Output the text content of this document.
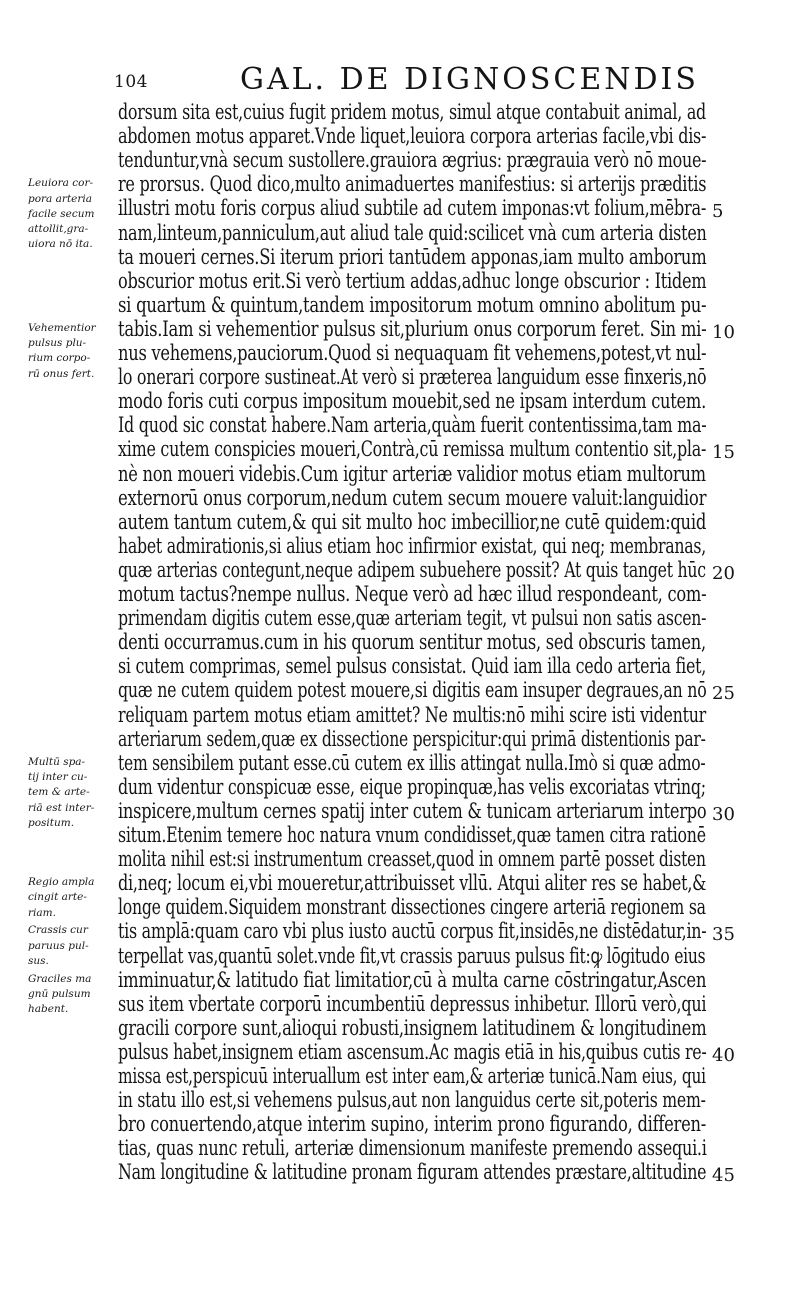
104	GAL. DE DIGNOSCENDIS
dorsum sita est,cuius fugit pridem motus, simul atque contabuit animal, ad
abdomen motus apparet.Vnde liquet,leuiora corpora arterias facile,vbi dis-
tenduntur,vnà secum sustollere.grauiora ægrius: prægrauia verò nō moue-
re prorsus. Quod dico,multo animaduertes manifestius: si arterijs præditis
illustri motu foris corpus aliud subtile ad cutem imponas:vt folium,mēbra-
nam,linteum,panniculum,aut aliud tale quid:scilicet vnà cum arteria disten
ta moueri cernes.Si iterum priori tantūdem apponas,iam multo amborum
obscurior motus erit.Si verò tertium addas,adhuc longe obscurior : Itidem
si quartum & quintum,tandem impositorum motum omnino abolitum pu-
tabis.Iam si vehementior pulsus sit,plurium onus corporum feret. Sin mi-
nus vehemens,pauciorum.Quod si nequaquam fit vehemens,potest,vt nul-
lo onerari corpore sustineat.At verò si præterea languidum esse finxeris,nō
modo foris cuti corpus impositum mouebit,sed ne ipsam interdum cutem.
Id quod sic constat habere.Nam arteria,quàm fuerit contentissima,tam ma-
xime cutem conspicies moueri,Contrà,cū remissa multum contentio sit,pla-
nè non moueri videbis.Cum igitur arteriæ validior motus etiam multorum
externorū onus corporum,nedum cutem secum mouere valuit:languidior
autem tantum cutem,& qui sit multo hoc imbecillior,ne cutē quidem:quid
habet admirationis,si alius etiam hoc infirmior existat, qui neq; membranas,
quæ arterias contegunt,neque adipem subuehere possit? At quis tanget hūc
motum tactus?nempe nullus. Neque verò ad hæc illud respondeant, com-
primendam digitis cutem esse,quæ arteriam tegit, vt pulsui non satis ascen-
denti occurramus.cum in his quorum sentitur motus, sed obscuris tamen,
si cutem comprimas, semel pulsus consistat. Quid iam illa cedo arteria fiet,
quæ ne cutem quidem potest mouere,si digitis eam insuper degraues,an nō
reliquam partem motus etiam amittet? Ne multis:nō mihi scire isti videntur
arteriarum sedem,quæ ex dissectione perspicitur:qui primā distentionis par-
tem sensibilem putant esse.cū cutem ex illis attingat nulla.Imò si quæ admo-
dum videntur conspicuæ esse, eique propinquæ,has velis excoriatas vtrinq;
inspicere,multum cernes spatij inter cutem & tunicam arteriarum interpo
situm.Etenim temere hoc natura vnum condidisset,quæ tamen citra rationē
molita nihil est:si instrumentum creasset,quod in omnem partē posset disten
di,neq; locum ei,vbi moueretur,attribuisset vllū. Atqui aliter res se habet,&
longe quidem.Siquidem monstrant dissectiones cingere arteriā regionem sa
tis amplā:quam caro vbi plus iusto auctū corpus fit,insidēs,ne distēdatur,in-
terpellat vas,quantū solet.vnde fit,vt crassis paruus pulsus fit:ꝙ lōgitudo eius
imminuatur,& latitudo fiat limitatior,cū à multa carne cōstringatur,Ascen
sus item vbertate corporū incumbentiū depressus inhibetur. Illorū verò,qui
gracili corpore sunt,alioqui robusti,insignem latitudinem & longitudinem
pulsus habet,insignem etiam ascensum.Ac magis etiā in his,quibus cutis re-
missa est,perspicuū interuallum est inter eam,& arteriæ tunicā.Nam eius, qui
in statu illo est,si vehemens pulsus,aut non languidus certe sit,poteris mem-
bro conuertendo,atque interim supino, interim prono figurando, differen-
tias, quas nunc retuli, arteriæ dimensionum manifeste premendo assequi.i
Nam longitudine & latitudine pronam figuram attendes præstare,altitudine
Leuiora cor-
pora arteria
facile secum
attollit,gra-
uiora nō ita.
Vehementior
pulsus plu-
rium corpo-
rū onus fert.
Multū spa-
tij inter cu-
tem & arte-
riā est inter-
positum.
Regio ampla
cingit arte-
riam.
Crassis cur
paruus pul-
sus.
Graciles ma
gnū pulsum
habent.
5
10
15
20
25
30
35
40
45
